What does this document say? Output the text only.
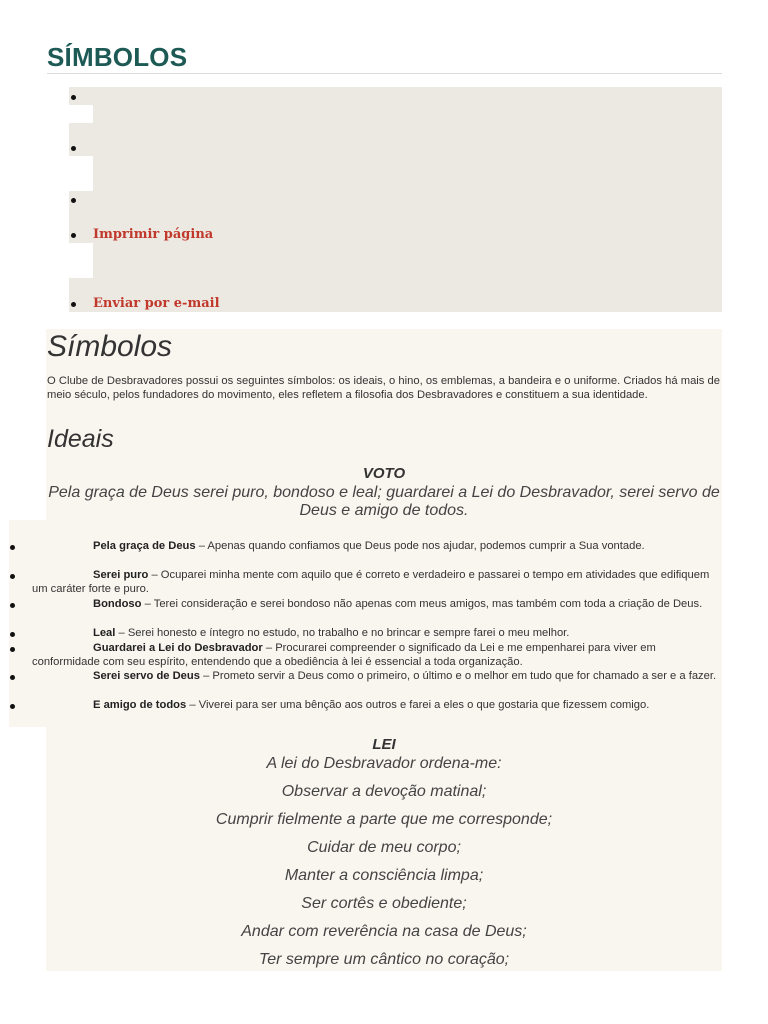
SÍMBOLOS
Imprimir página
Enviar por e-mail
Símbolos

O Clube de Desbravadores possui os seguintes símbolos: os ideais, o hino, os emblemas, a bandeira e o uniforme. Criados há mais de meio século, pelos fundadores do movimento, eles refletem a filosofia dos Desbravadores e constituem a sua identidade.

Ideais
VOTO
Pela graça de Deus serei puro, bondoso e leal; guardarei a Lei do Desbravador, serei servo de Deus e amigo de todos.
Pela graça de Deus – Apenas quando confiamos que Deus pode nos ajudar, podemos cumprir a Sua vontade.
Serei puro – Ocuparei minha mente com aquilo que é correto e verdadeiro e passarei o tempo em atividades que edifiquem um caráter forte e puro.
Bondoso – Terei consideração e serei bondoso não apenas com meus amigos, mas também com toda a criação de Deus.
Leal – Serei honesto e íntegro no estudo, no trabalho e no brincar e sempre farei o meu melhor.
Guardarei a Lei do Desbravador – Procurarei compreender o significado da Lei e me empenharei para viver em conformidade com seu espírito, entendendo que a obediência à lei é essencial a toda organização.
Serei servo de Deus – Prometo servir a Deus como o primeiro, o último e o melhor em tudo que for chamado a ser e a fazer.
E amigo de todos – Viverei para ser uma bênção aos outros e farei a eles o que gostaria que fizessem comigo.
LEI
A lei do Desbravador ordena-me:
Observar a devoção matinal;
Cumprir fielmente a parte que me corresponde;
Cuidar de meu corpo;
Manter a consciência limpa;
Ser cortês e obediente;
Andar com reverência na casa de Deus;
Ter sempre um cântico no coração;
